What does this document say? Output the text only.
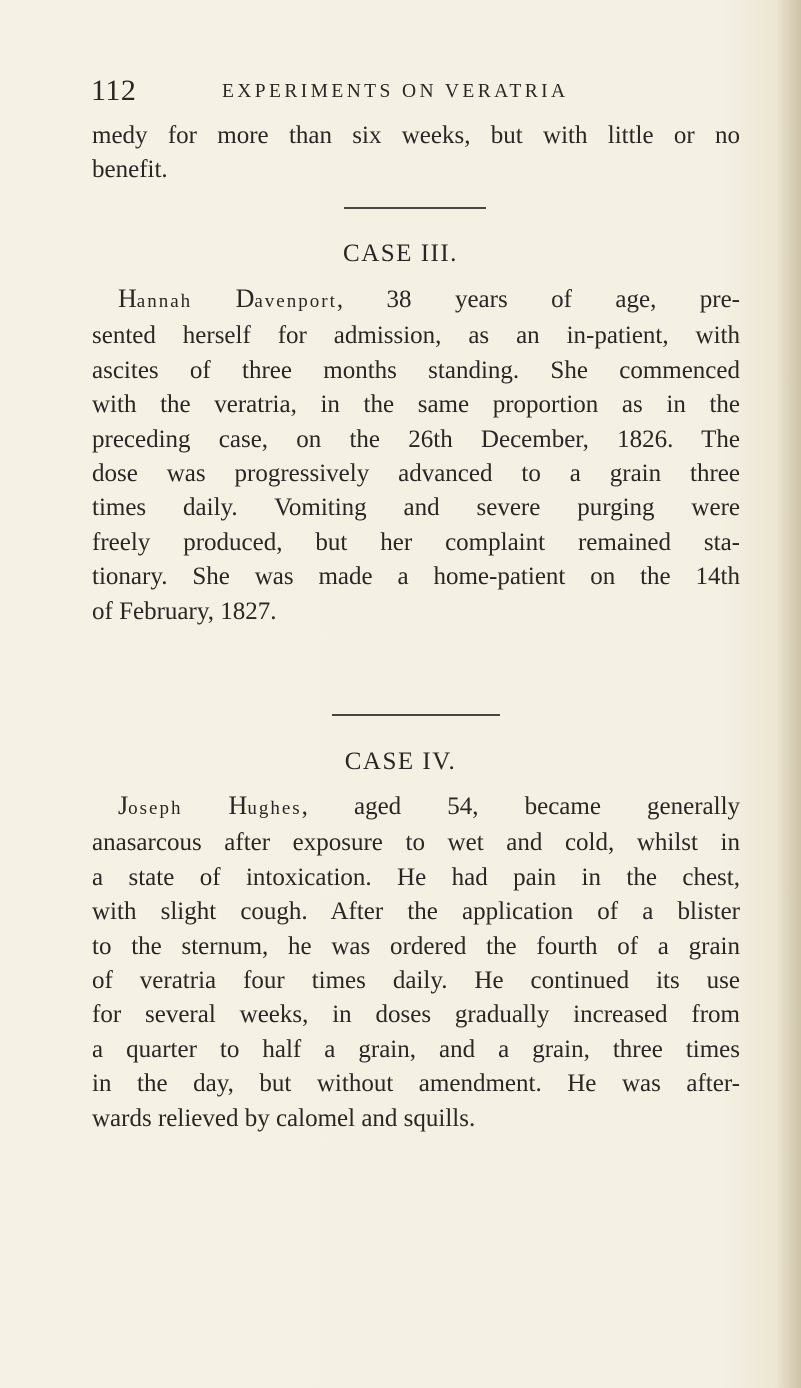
112	EXPERIMENTS ON VERATRIA
medy for more than six weeks, but with little or no
benefit.
CASE III.
Hannah Davenport, 38 years of age, pre-
sented herself for admission, as an in-patient, with
ascites of three months standing. She commenced
with the veratria, in the same proportion as in the
preceding case, on the 26th December, 1826. The
dose was progressively advanced to a grain three
times daily. Vomiting and severe purging were
freely produced, but her complaint remained sta-
tionary. She was made a home-patient on the 14th
of February, 1827.
CASE IV.
Joseph Hughes, aged 54, became generally
anasarcous after exposure to wet and cold, whilst in
a state of intoxication. He had pain in the chest,
with slight cough. After the application of a blister
to the sternum, he was ordered the fourth of a grain
of veratria four times daily. He continued its use
for several weeks, in doses gradually increased from
a quarter to half a grain, and a grain, three times
in the day, but without amendment. He was after-
wards relieved by calomel and squills.
